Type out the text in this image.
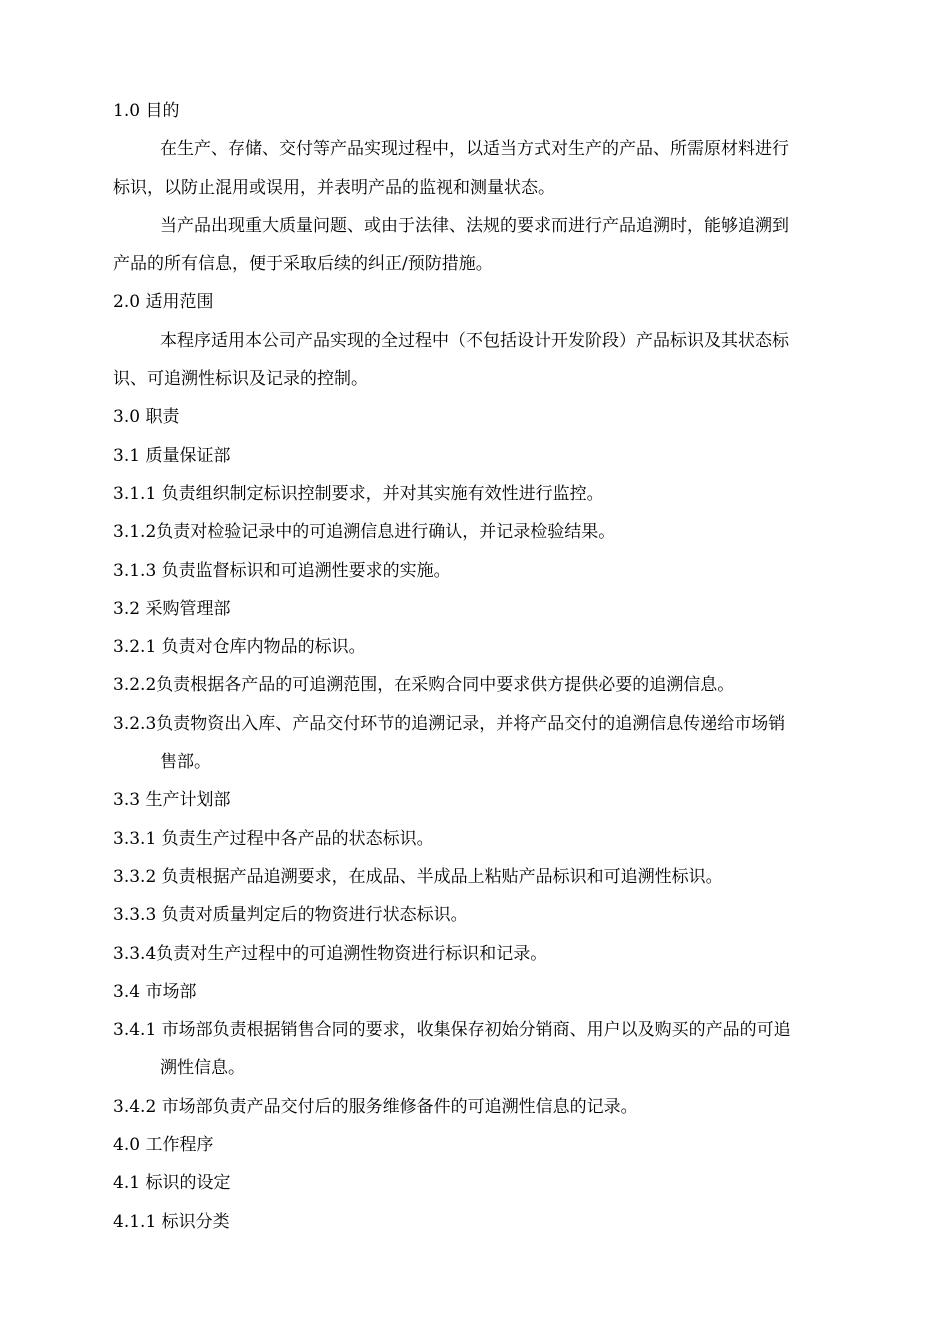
1.0 目的
在生产、存储、交付等产品实现过程中，以适当方式对生产的产品、所需原材料进行
标识，以防止混用或误用，并表明产品的监视和测量状态。
当产品出现重大质量问题、或由于法律、法规的要求而进行产品追溯时，能够追溯到
产品的所有信息，便于采取后续的纠正/预防措施。
2.0 适用范围
本程序适用本公司产品实现的全过程中（不包括设计开发阶段）产品标识及其状态标
识、可追溯性标识及记录的控制。
3.0 职责
3.1 质量保证部
3.1.1 负责组织制定标识控制要求，并对其实施有效性进行监控。
3.1.2负责对检验记录中的可追溯信息进行确认，并记录检验结果。
3.1.3 负责监督标识和可追溯性要求的实施。
3.2 采购管理部
3.2.1 负责对仓库内物品的标识。
3.2.2负责根据各产品的可追溯范围，在采购合同中要求供方提供必要的追溯信息。
3.2.3负责物资出入库、产品交付环节的追溯记录，并将产品交付的追溯信息传递给市场销
售部。
3.3 生产计划部
3.3.1 负责生产过程中各产品的状态标识。
3.3.2 负责根据产品追溯要求，在成品、半成品上粘贴产品标识和可追溯性标识。
3.3.3 负责对质量判定后的物资进行状态标识。
3.3.4负责对生产过程中的可追溯性物资进行标识和记录。
3.4 市场部
3.4.1 市场部负责根据销售合同的要求，收集保存初始分销商、用户以及购买的产品的可追
溯性信息。
3.4.2 市场部负责产品交付后的服务维修备件的可追溯性信息的记录。
4.0 工作程序
4.1 标识的设定
4.1.1 标识分类
